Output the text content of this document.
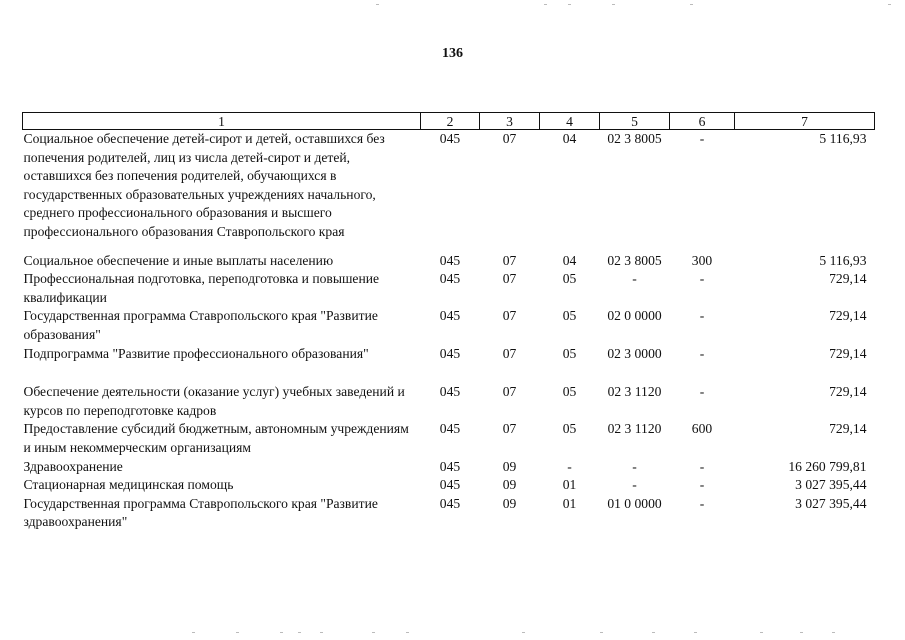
136
1	2	3	4	5	6	7
Социальное обеспечение детей-сирот и детей, оставшихся без попечения родителей, лиц из числа детей-сирот и детей, оставшихся без попечения родителей, обучающихся в государственных образовательных учреждениях начального, среднего профессионального образования и высшего профессионального образования Ставропольского края	045	07	04	02 3 8005	-	5 116,93
Социальное обеспечение и иные выплаты населению	045	07	04	02 3 8005	300	5 116,93
Профессиональная подготовка, переподготовка и повышение квалификации	045	07	05	-	-	729,14
Государственная программа Ставропольского края "Развитие образования"	045	07	05	02 0 0000	-	729,14
Подпрограмма "Развитие профессионального образования"	045	07	05	02 3 0000	-	729,14
Обеспечение деятельности (оказание услуг) учебных заведений и курсов по переподготовке кадров	045	07	05	02 3 1120	-	729,14
Предоставление субсидий бюджетным, автономным учреждениям и иным некоммерческим организациям	045	07	05	02 3 1120	600	729,14
Здравоохранение	045	09	-	-	-	16 260 799,81
Стационарная медицинская помощь	045	09	01	-	-	3 027 395,44
Государственная программа Ставропольского края "Развитие здравоохранения"	045	09	01	01 0 0000	-	3 027 395,44
